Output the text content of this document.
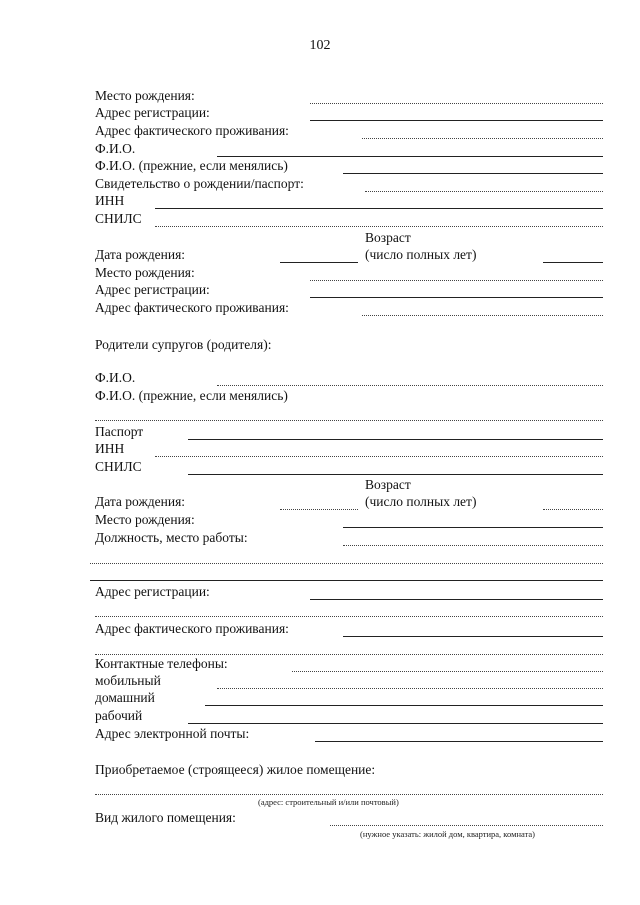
102
Место рождения:
Адрес регистрации:
Адрес фактического проживания:
Ф.И.О.
Ф.И.О. (прежние, если менялись)
Свидетельство о рождении/паспорт:
ИНН
СНИЛС
Возраст
Дата рождения:	(число полных лет)
Место рождения:
Адрес регистрации:
Адрес фактического проживания:
Родители супругов (родителя):
Ф.И.О.
Ф.И.О. (прежние, если менялись)
Паспорт
ИНН
СНИЛС
Возраст
Дата рождения:	(число полных лет)
Место рождения:
Должность, место работы:
Адрес регистрации:
Адрес фактического проживания:
Контактные телефоны:
мобильный
домашний
рабочий
Адрес электронной почты:
Приобретаемое (строящееся) жилое помещение:
(адрес: строительный и/или почтовый)
Вид жилого помещения:
(нужное указать: жилой дом, квартира, комната)
